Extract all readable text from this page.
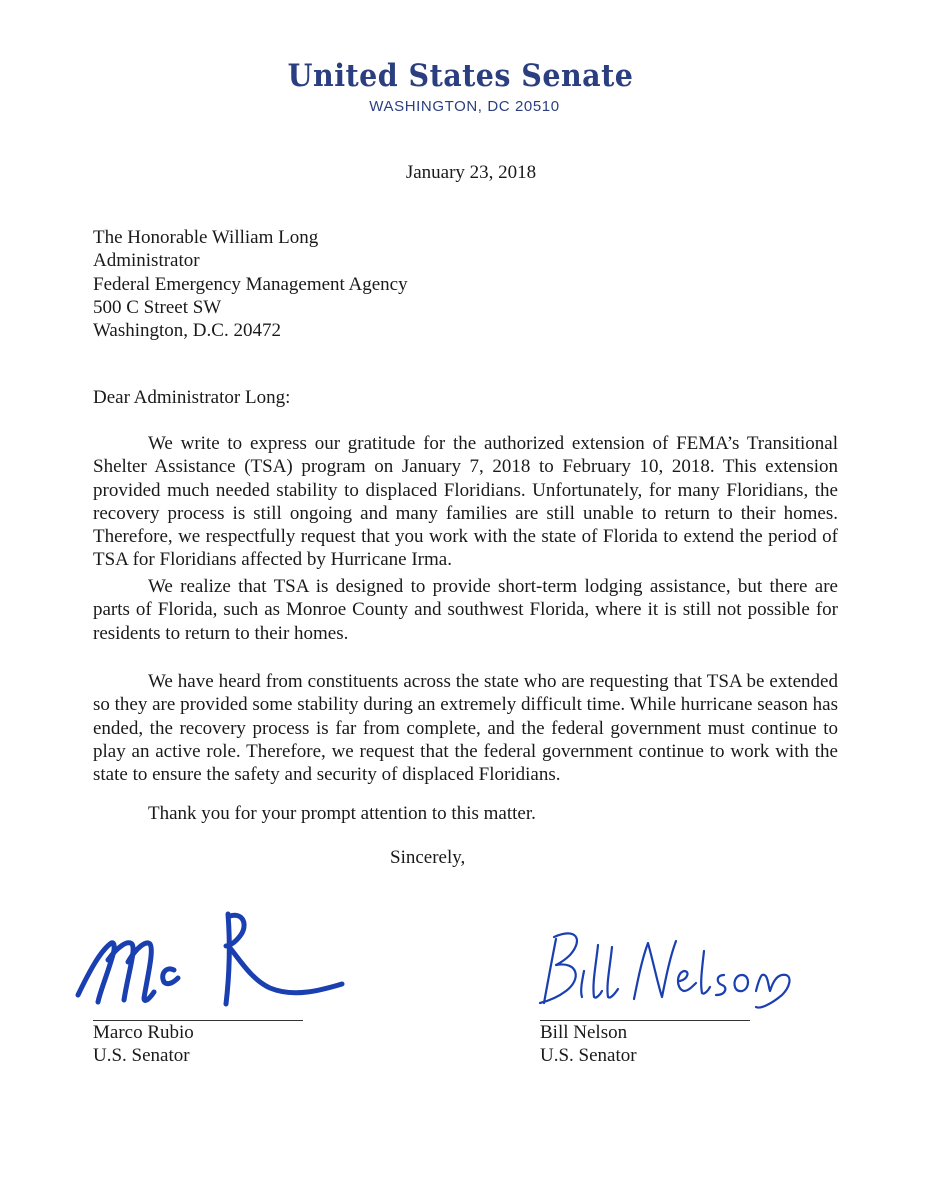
United States Senate
WASHINGTON, DC 20510
January 23, 2018
The Honorable William Long
Administrator
Federal Emergency Management Agency
500 C Street SW
Washington, D.C. 20472
Dear Administrator Long:
We write to express our gratitude for the authorized extension of FEMA’s Transitional Shelter Assistance (TSA) program on January 7, 2018 to February 10, 2018. This extension provided much needed stability to displaced Floridians. Unfortunately, for many Floridians, the recovery process is still ongoing and many families are still unable to return to their homes. Therefore, we respectfully request that you work with the state of Florida to extend the period of TSA for Floridians affected by Hurricane Irma.
We realize that TSA is designed to provide short-term lodging assistance, but there are parts of Florida, such as Monroe County and southwest Florida, where it is still not possible for residents to return to their homes.
We have heard from constituents across the state who are requesting that TSA be extended so they are provided some stability during an extremely difficult time. While hurricane season has ended, the recovery process is far from complete, and the federal government must continue to play an active role. Therefore, we request that the federal government continue to work with the state to ensure the safety and security of displaced Floridians.
Thank you for your prompt attention to this matter.
Sincerely,
Marco Rubio
U.S. Senator
Bill Nelson
U.S. Senator
